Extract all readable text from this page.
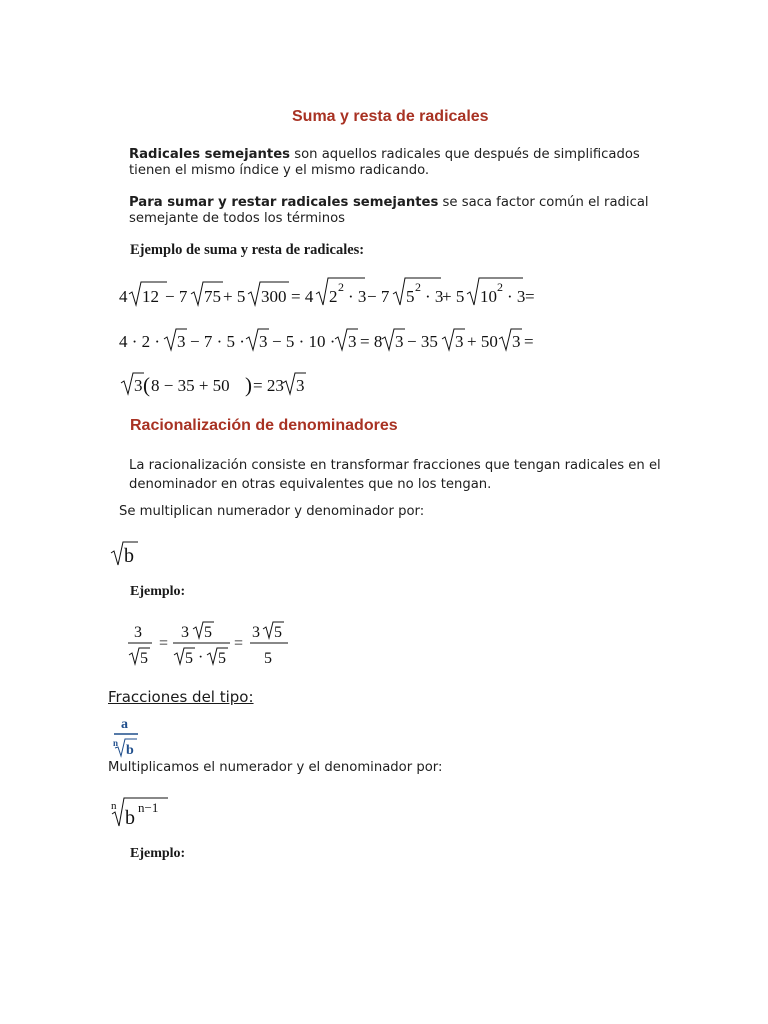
Suma y resta de radicales
Radicales semejantes son aquellos radicales que después de simplificados tienen el mismo índice y el mismo radicando.
Para sumar y restar radicales semejantes se saca factor común el radical semejante de todos los términos
Ejemplo de suma y resta de radicales:
4 12 − 7 75 + 5 300 = 4 2 2 · 3 − 7 5 2 · 3
+ 5 10 2 · 3 =
4 · 2 · 3 − 7 · 5 · 3 − 5 · 10 · 3 = 8 3 − 35 3 + 50 3 =
3 ( 8 − 35 + 50 ) = 23 3
Racionalización de denominadores
La racionalización consiste en transformar fracciones que tengan radicales en el denominador en otras equivalentes que no los tengan.
Se multiplican numerador y denominador por:
b
Ejemplo:
3
5
=
3 5
5 · 5
=
3 5
5
Fracciones del tipo:
a
n b
Multiplicamos el numerador y el denominador por:
n
b n−1
Ejemplo:
